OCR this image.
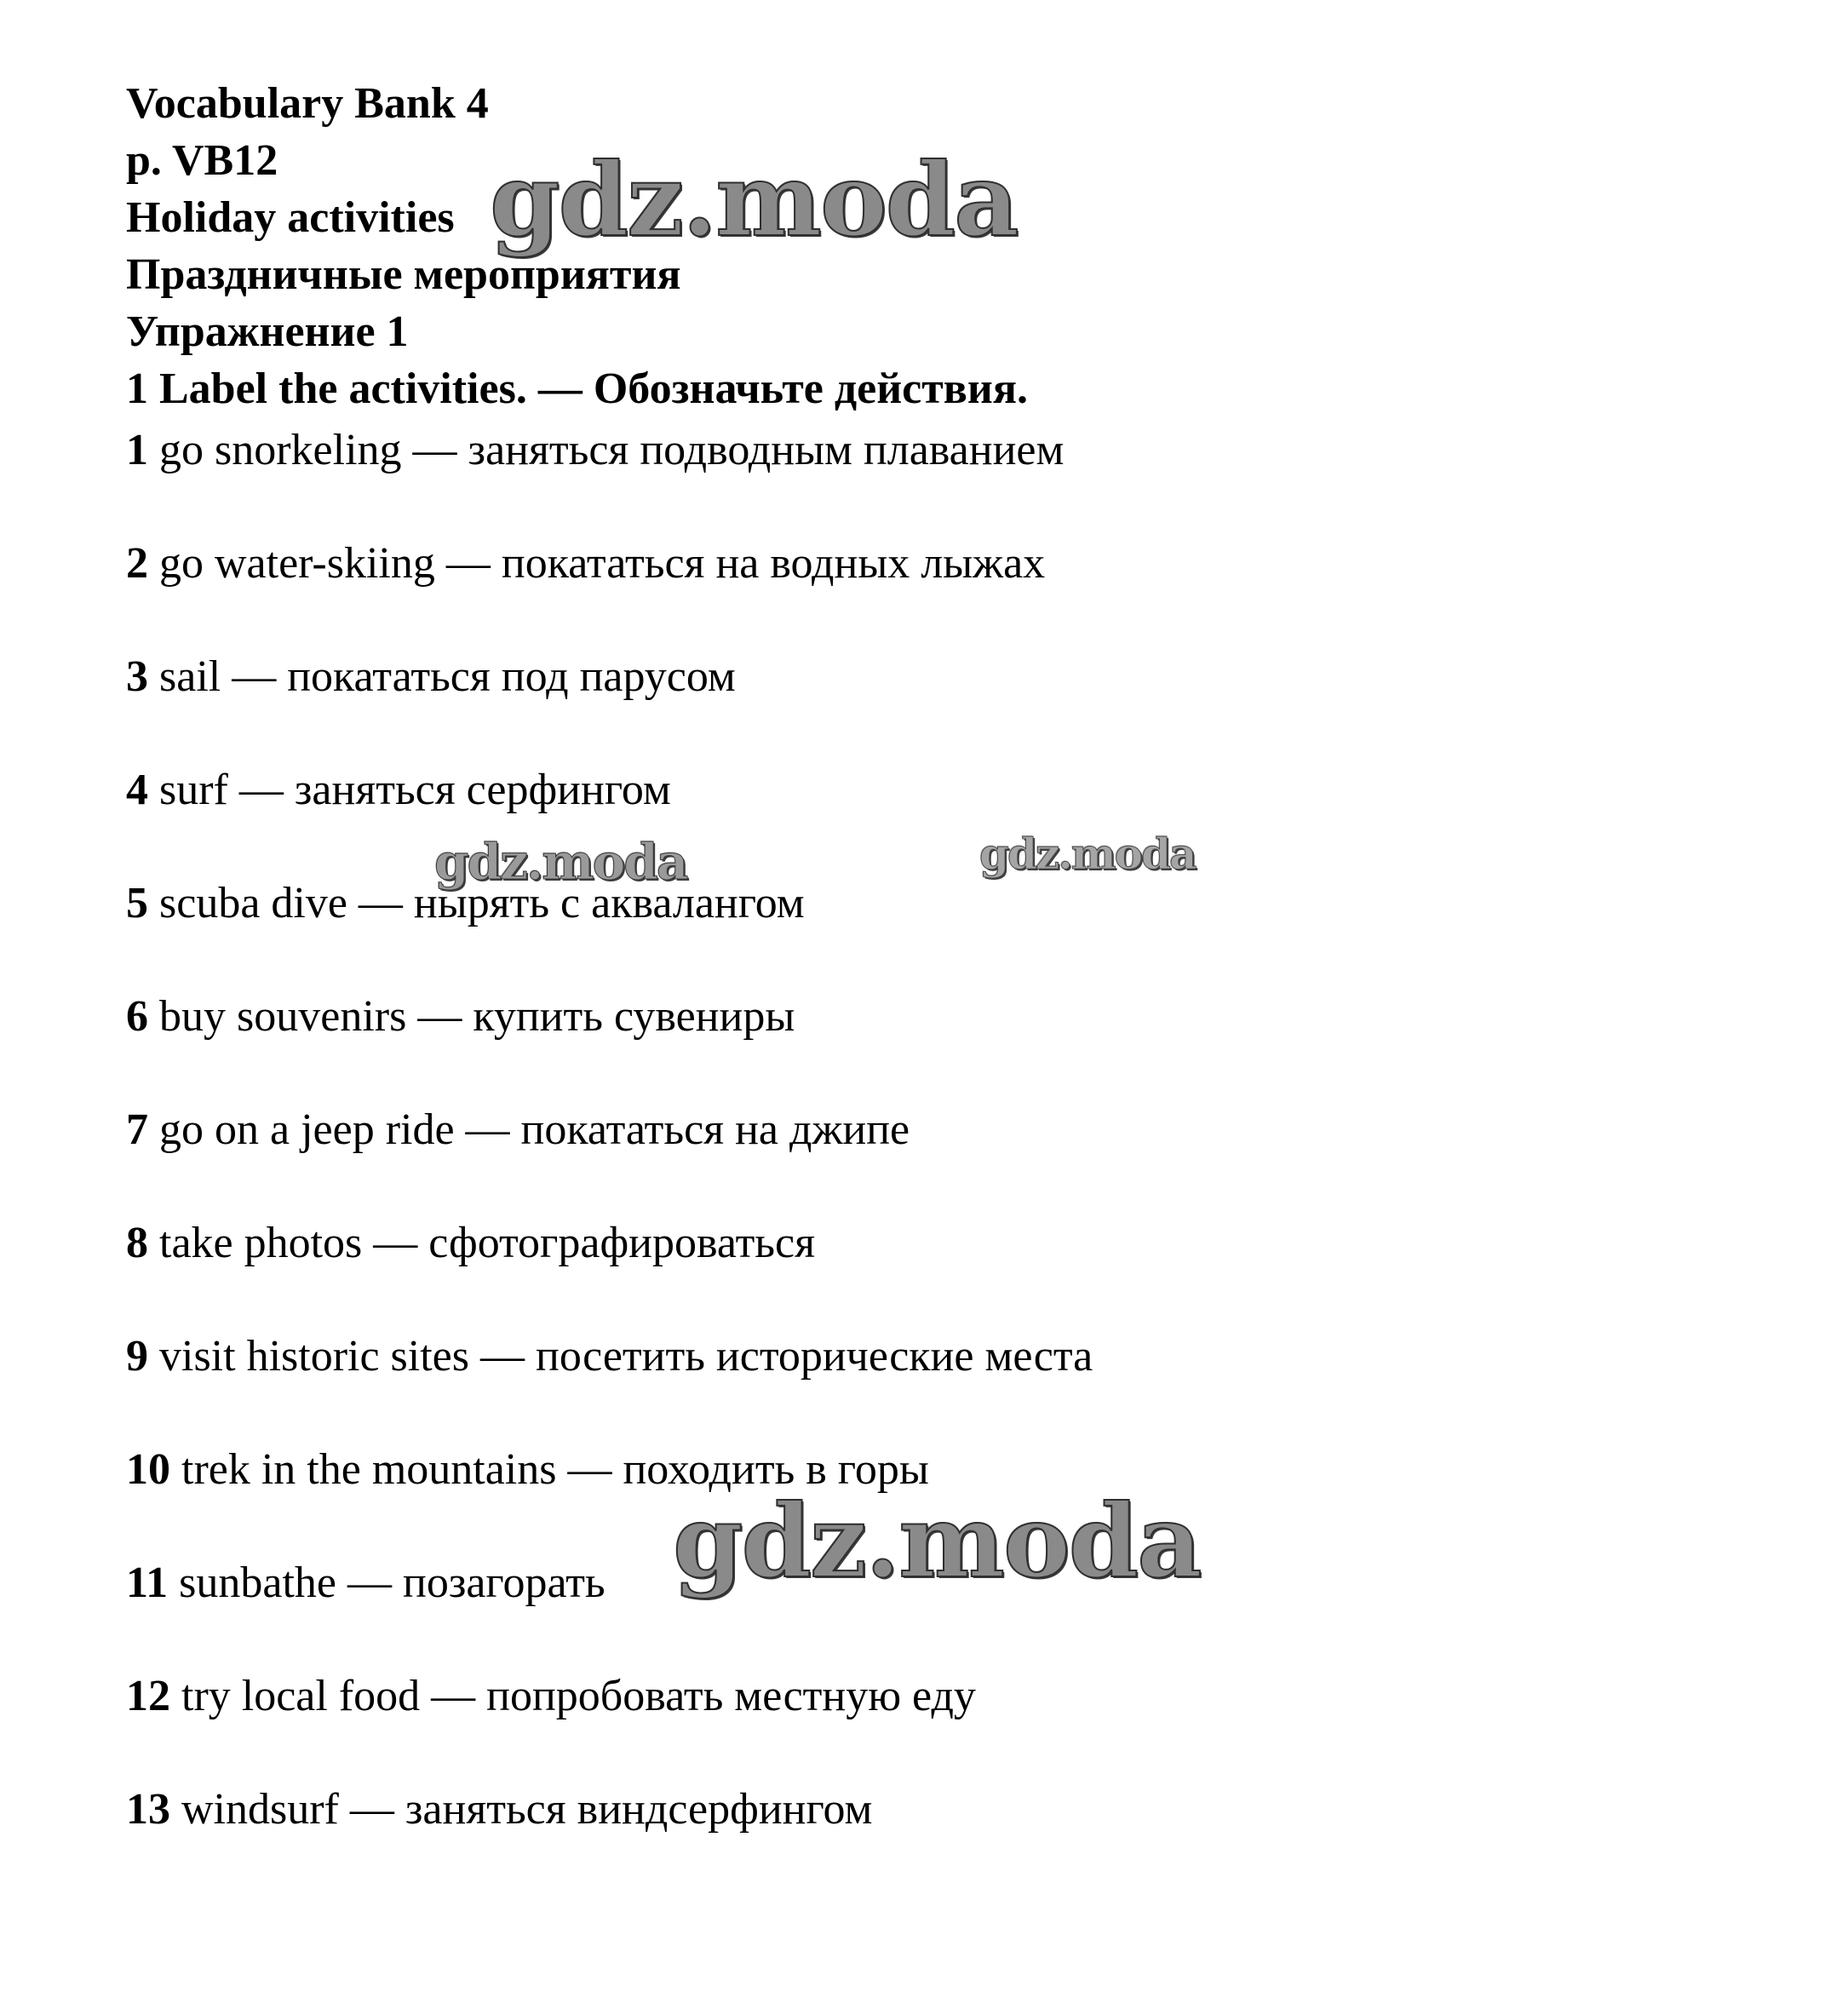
Vocabulary Bank 4
p. VB12
Holiday activities
Праздничные мероприятия
Упражнение 1
1 Label the activities. — Обозначьте действия.
1 go snorkeling — заняться подводным плаванием
2 go water-skiing — покататься на водных лыжах
3 sail — покататься под парусом
4 surf — заняться серфингом
5 scuba dive — нырять с аквалангом
6 buy souvenirs — купить сувениры
7 go on a jeep ride — покататься на джипе
8 take photos — сфотографироваться
9 visit historic sites — посетить исторические места
10 trek in the mountains — походить в горы
11 sunbathe — позагорать
12 try local food — попробовать местную еду
13 windsurf — заняться виндсерфингом
gdz.moda
gdz.moda	gdz.moda
gdz.moda
